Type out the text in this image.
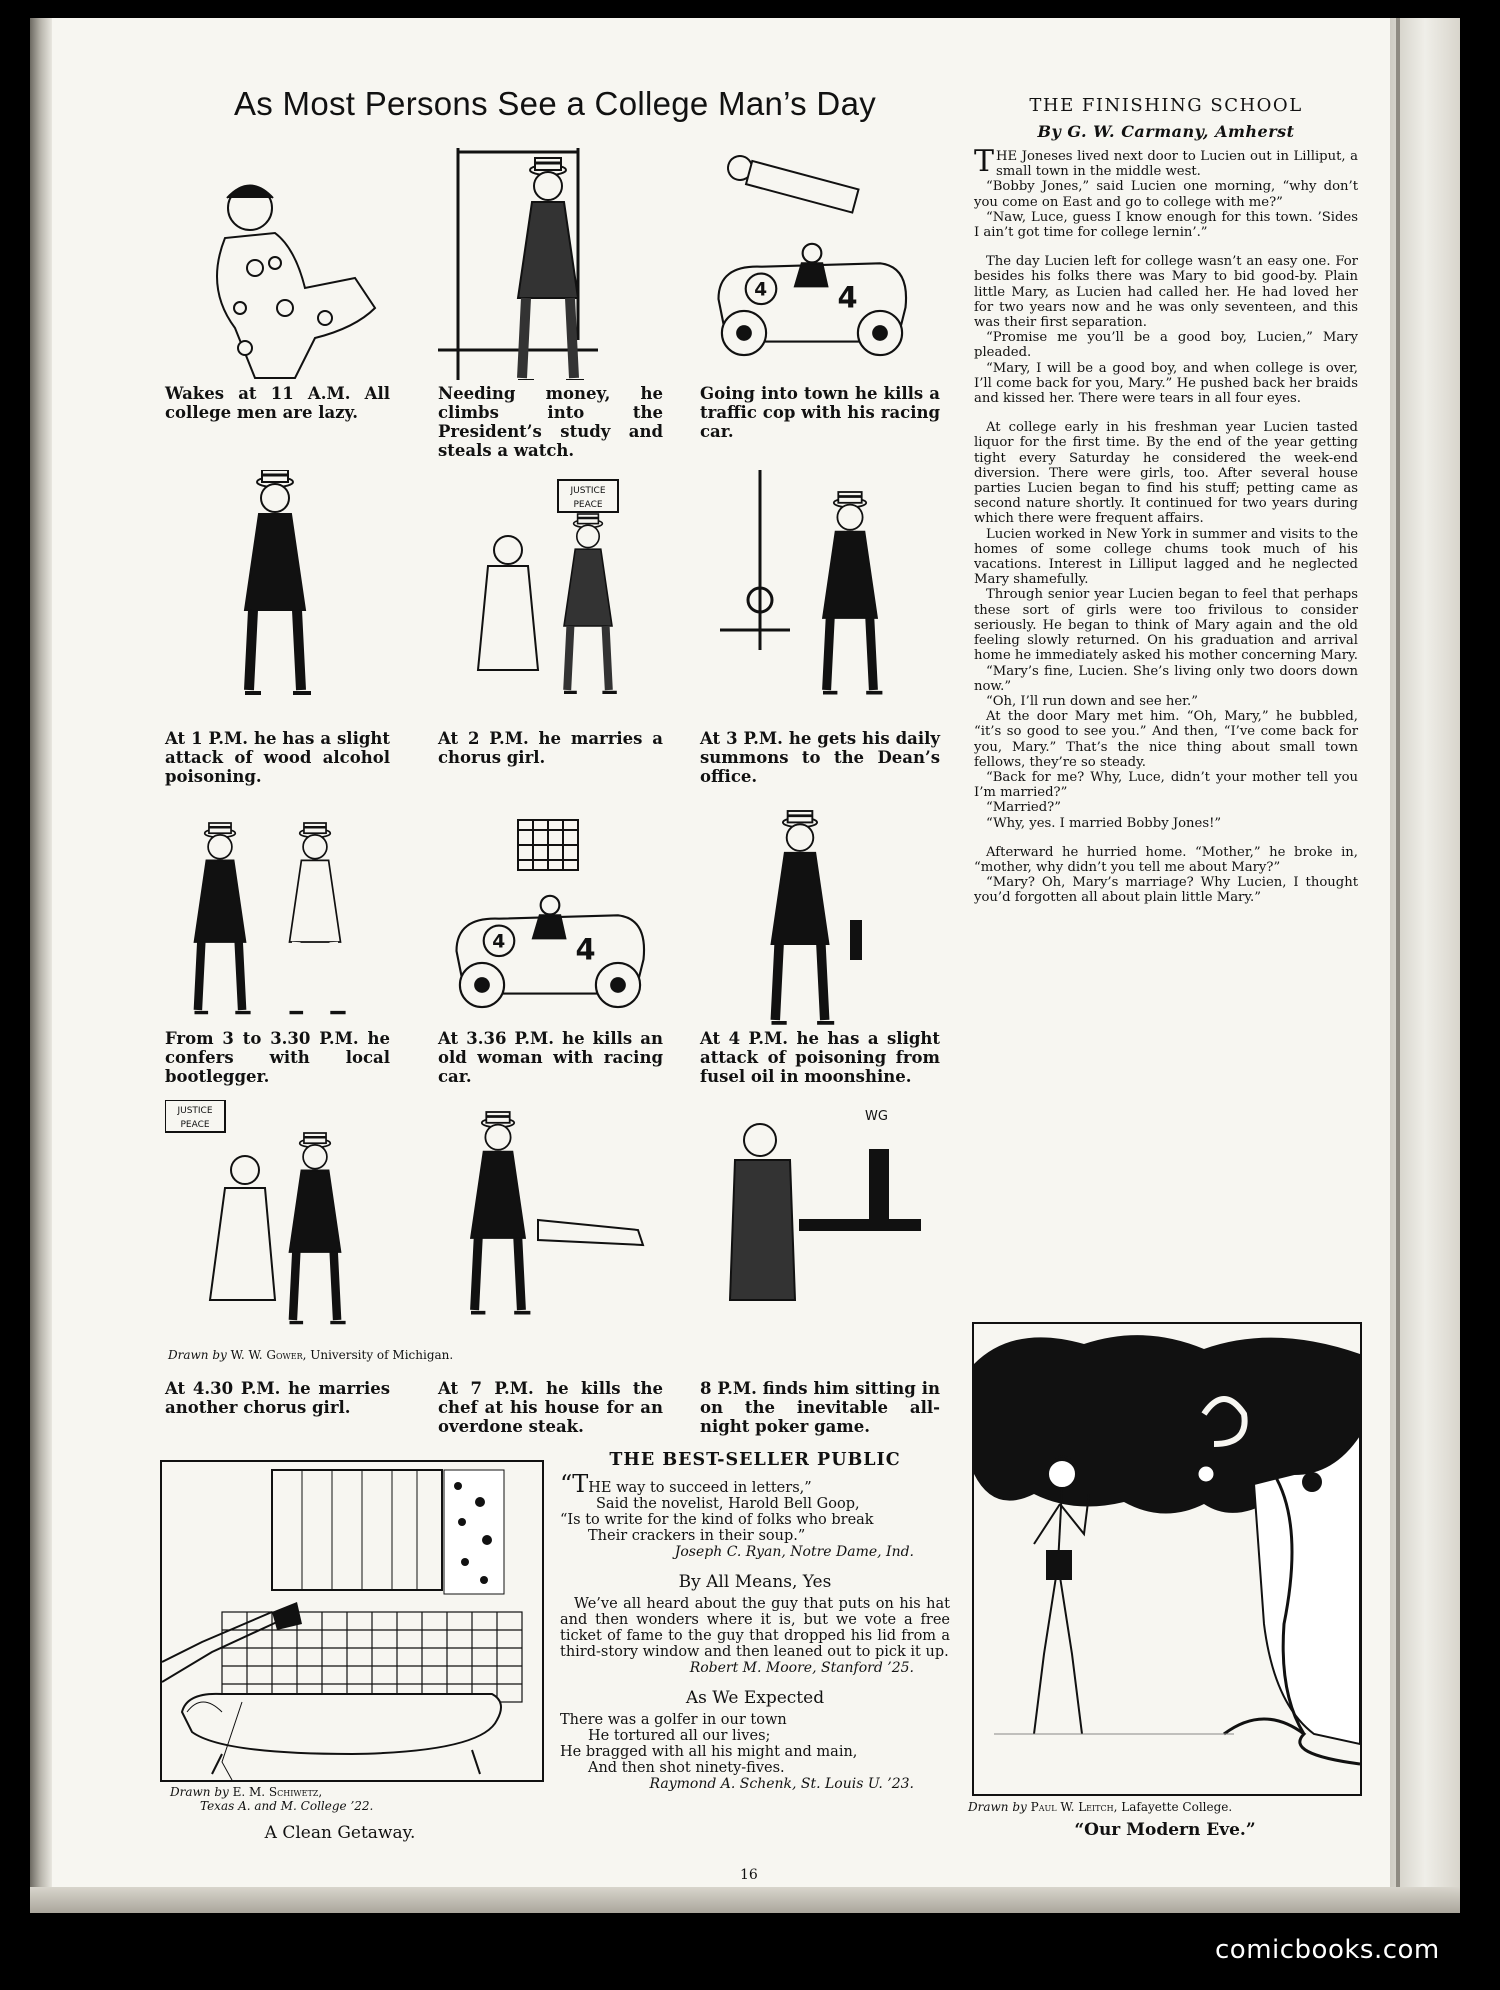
As Most Persons See a College Man’s Day
Wakes at 11 A.M. All college men are lazy.
Needing money, he climbs into the President’s study and steals a watch.
4 4
Going into town he kills a traffic cop with his racing car.
At 1 P.M. he has a slight attack of wood alcohol poisoning.
JUSTICE
PEACE
At 2 P.M. he marries a chorus girl.
At 3 P.M. he gets his daily summons to the Dean’s office.
From 3 to 3.30 P.M. he confers with local bootlegger.
4 4
At 3.36 P.M. he kills an old woman with racing car.
At 4 P.M. he has a slight attack of poisoning from fusel oil in moonshine.
JUSTICE
PEACE
At 4.30 P.M. he marries another chorus girl.
At 7 P.M. he kills the chef at his house for an overdone steak.
WG
8 P.M. finds him sitting in on the inevitable all-night poker game.
Drawn by W. W. Gower, University of Michigan.
THE FINISHING SCHOOL
By G. W. Carmany, Amherst

THE Joneses lived next door to Lucien out in Lilliput, a small town in the middle west.

“Bobby Jones,” said Lucien one morning, “why don’t you come on East and go to college with me?”

“Naw, Luce, guess I know enough for this town. ’Sides I ain’t got time for college lernin’.”

The day Lucien left for college wasn’t an easy one. For besides his folks there was Mary to bid good-by. Plain little Mary, as Lucien had called her. He had loved her for two years now and he was only seventeen, and this was their first separation.

“Promise me you’ll be a good boy, Lucien,” Mary pleaded.

“Mary, I will be a good boy, and when college is over, I’ll come back for you, Mary.” He pushed back her braids and kissed her. There were tears in all four eyes.

At college early in his freshman year Lucien tasted liquor for the first time. By the end of the year getting tight every Saturday he considered the week-end diversion. There were girls, too. After several house parties Lucien began to find his stuff; petting came as second nature shortly. It continued for two years during which there were frequent affairs.

Lucien worked in New York in summer and visits to the homes of some college chums took much of his vacations. Interest in Lilliput lagged and he neglected Mary shamefully.

Through senior year Lucien began to feel that perhaps these sort of girls were too frivilous to consider seriously. He began to think of Mary again and the old feeling slowly returned. On his graduation and arrival home he immediately asked his mother concerning Mary.

“Mary’s fine, Lucien. She’s living only two doors down now.”

“Oh, I’ll run down and see her.”

At the door Mary met him. “Oh, Mary,” he bubbled, “it’s so good to see you.” And then, “I’ve come back for you, Mary.” That’s the nice thing about small town fellows, they’re so steady.

“Back for me? Why, Luce, didn’t your mother tell you I’m married?”

“Married?”

“Why, yes. I married Bobby Jones!”

Afterward he hurried home. “Mother,” he broke in, “mother, why didn’t you tell me about Mary?”

“Mary? Oh, Mary’s marriage? Why Lucien, I thought you’d forgotten all about plain little Mary.”

Drawn by E. M. Schiwetz,
Texas A. and M. College ’22.
A Clean Getaway.
THE BEST-SELLER PUBLIC
“THE way to succeed in letters,”
Said the novelist, Harold Bell Goop,
“Is to write for the kind of folks who break
Their crackers in their soup.”
Joseph C. Ryan, Notre Dame, Ind.
By All Means, Yes

We’ve all heard about the guy that puts on his hat and then wonders where it is, but we vote a free ticket of fame to the guy that dropped his lid from a third-story window and then leaned out to pick it up.

Robert M. Moore, Stanford ’25.
As We Expected
There was a golfer in our town
He tortured all our lives;
He bragged with all his might and main,
And then shot ninety-fives.
Raymond A. Schenk, St. Louis U. ’23.
Drawn by Paul W. Leitch, Lafayette College.
“Our Modern Eve.”
16
comicbooks.com
